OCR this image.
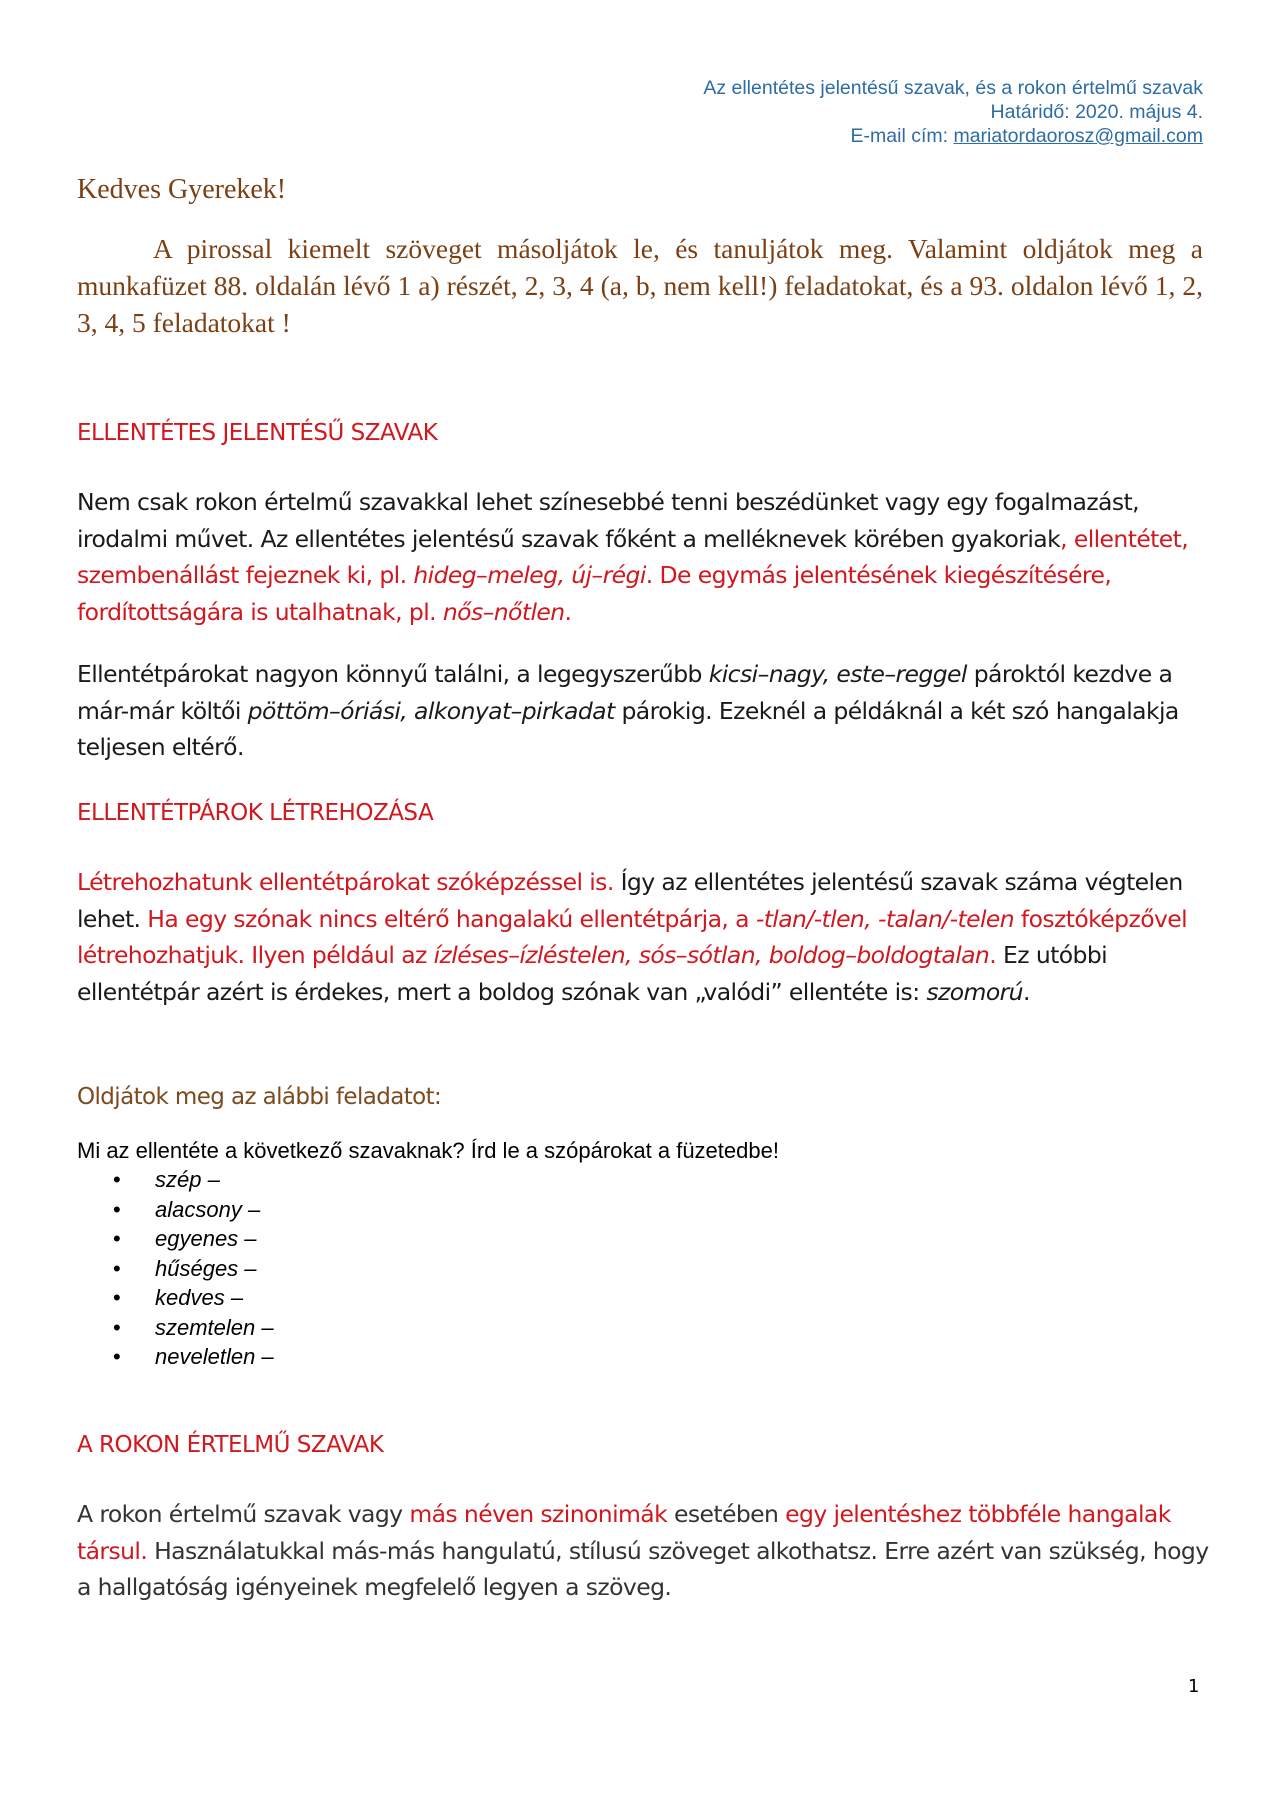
Az ellentétes jelentésű szavak, és a rokon értelmű szavak
Határidő: 2020. május 4.
E-mail cím: mariatordaorosz@gmail.com
Kedves Gyerekek!

A pirossal kiemelt szöveget másoljátok le, és tanuljátok meg. Valamint oldjátok meg a munkafüzet 88. oldalán lévő 1 a) részét, 2, 3, 4 (a, b, nem kell!) feladatokat, és a 93. oldalon lévő 1, 2, 3, 4, 5 feladatokat !

ELLENTÉTES JELENTÉSŰ SZAVAK

Nem csak rokon értelmű szavakkal lehet színesebbé tenni beszédünket vagy egy fogalmazást, irodalmi művet. Az ellentétes jelentésű szavak főként a melléknevek körében gyakoriak, ellentétet, szembenállást fejeznek ki, pl. hideg–meleg, új–régi. De egymás jelentésének kiegészítésére, fordítottságára is utalhatnak, pl. nős–nőtlen.

Ellentétpárokat nagyon könnyű találni, a legegyszerűbb kicsi–nagy, este–reggel pároktól kezdve a már-már költői pöttöm–óriási, alkonyat–pirkadat párokig. Ezeknél a példáknál a két szó hangalakja teljesen eltérő.

ELLENTÉTPÁROK LÉTREHOZÁSA

Létrehozhatunk ellentétpárokat szóképzéssel is. Így az ellentétes jelentésű szavak száma végtelen lehet. Ha egy szónak nincs eltérő hangalakú ellentétpárja, a -tlan/-tlen, -talan/-telen fosztóképzővel létrehozhatjuk. Ilyen például az ízléses–ízléstelen, sós–sótlan, boldog–boldogtalan. Ez utóbbi ellentétpár azért is érdekes, mert a boldog szónak van „valódi” ellentéte is: szomorú.

Oldjátok meg az alábbi feladatot:
Mi az ellentéte a következő szavaknak? Írd le a szópárokat a füzetedbe!
• szép –
• alacsony –
• egyenes –
• hűséges –
• kedves –
• szemtelen –
• neveletlen –
A ROKON ÉRTELMŰ SZAVAK

A rokon értelmű szavak vagy más néven szinonimák esetében egy jelentéshez többféle hangalak társul. Használatukkal más-más hangulatú, stílusú szöveget alkothatsz. Erre azért van szükség, hogy a hallgatóság igényeinek megfelelő legyen a szöveg.

1
